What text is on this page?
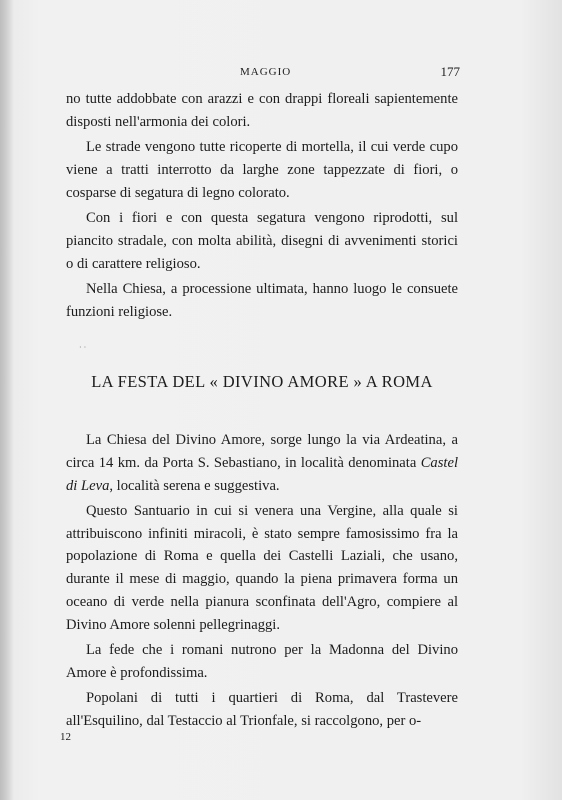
MAGGIO	177

no tutte addobbate con arazzi e con drappi floreali sapientemente disposti nell'armonia dei colori.

Le strade vengono tutte ricoperte di mortella, il cui verde cupo viene a tratti interrotto da larghe zone tappezzate di fiori, o cosparse di segatura di legno colorato.

Con i fiori e con questa segatura vengono riprodotti, sul piancito stradale, con molta abilità, disegni di avvenimenti storici o di carattere religioso.

Nella Chiesa, a processione ultimata, hanno luogo le consuete funzioni religiose.

· ·
LA FESTA DEL « DIVINO AMORE » A ROMA

La Chiesa del Divino Amore, sorge lungo la via Ardeatina, a circa 14 km. da Porta S. Sebastiano, in località denominata Castel di Leva, località serena e suggestiva.

Questo Santuario in cui si venera una Vergine, alla quale si attribuiscono infiniti miracoli, è stato sempre famosissimo fra la popolazione di Roma e quella dei Castelli Laziali, che usano, durante il mese di maggio, quando la piena primavera forma un oceano di verde nella pianura sconfinata dell'Agro, compiere al Divino Amore solenni pellegrinaggi.

La fede che i romani nutrono per la Madonna del Divino Amore è profondissima.

Popolani di tutti i quartieri di Roma, dal Trastevere all'Esquilino, dal Testaccio al Trionfale, si raccolgono, per o-

12
